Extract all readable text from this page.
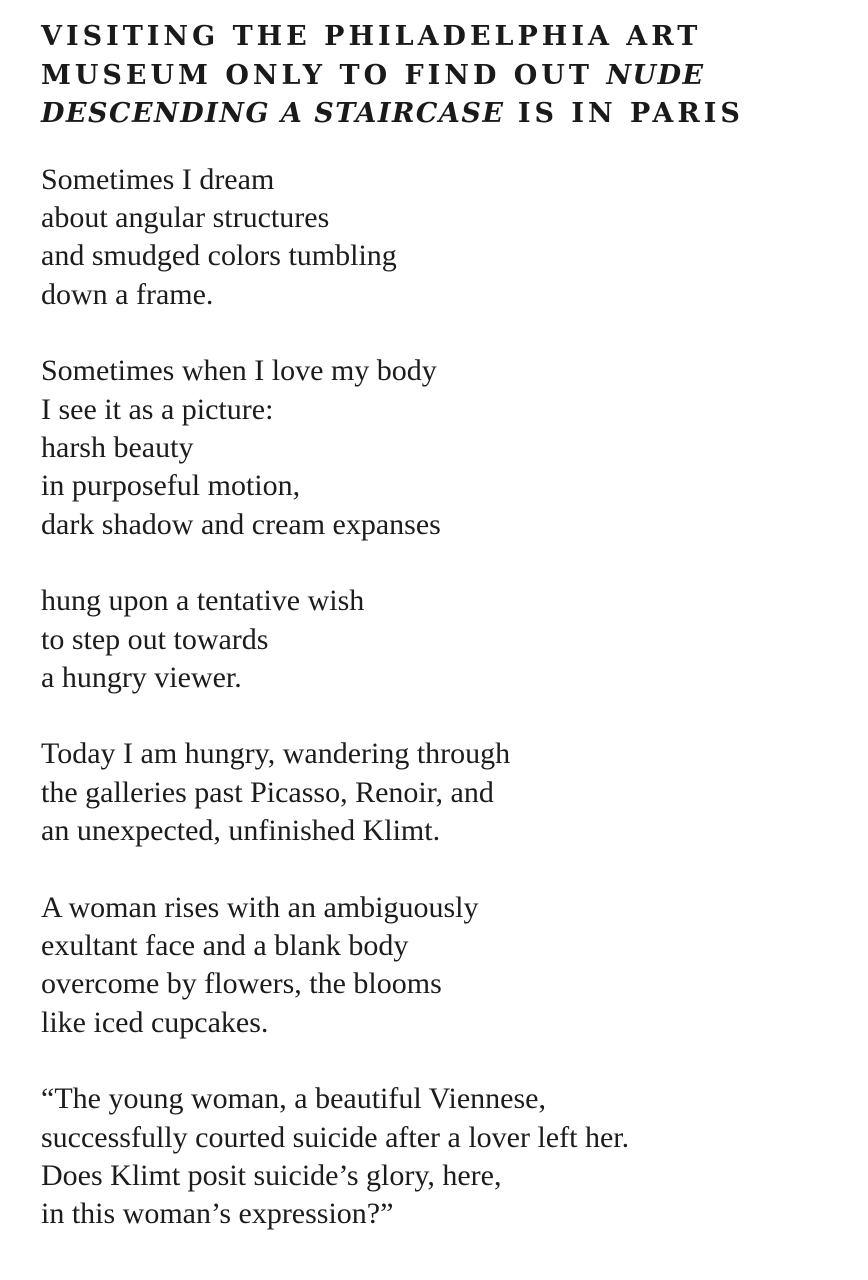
VISITING THE PHILADELPHIA ART
MUSEUM ONLY TO FIND OUT NUDE
DESCENDING A STAIRCASE IS IN PARIS
Sometimes I dream
about angular structures
and smudged colors tumbling
down a frame.
Sometimes when I love my body
I see it as a picture:
harsh beauty
in purposeful motion,
dark shadow and cream expanses
hung upon a tentative wish
to step out towards
a hungry viewer.
Today I am hungry, wandering through
the galleries past Picasso, Renoir, and
an unexpected, unfinished Klimt.
A woman rises with an ambiguously
exultant face and a blank body
overcome by flowers, the blooms
like iced cupcakes.
“The young woman, a beautiful Viennese,
successfully courted suicide after a lover left her.
Does Klimt posit suicide’s glory, here,
in this woman’s expression?”
